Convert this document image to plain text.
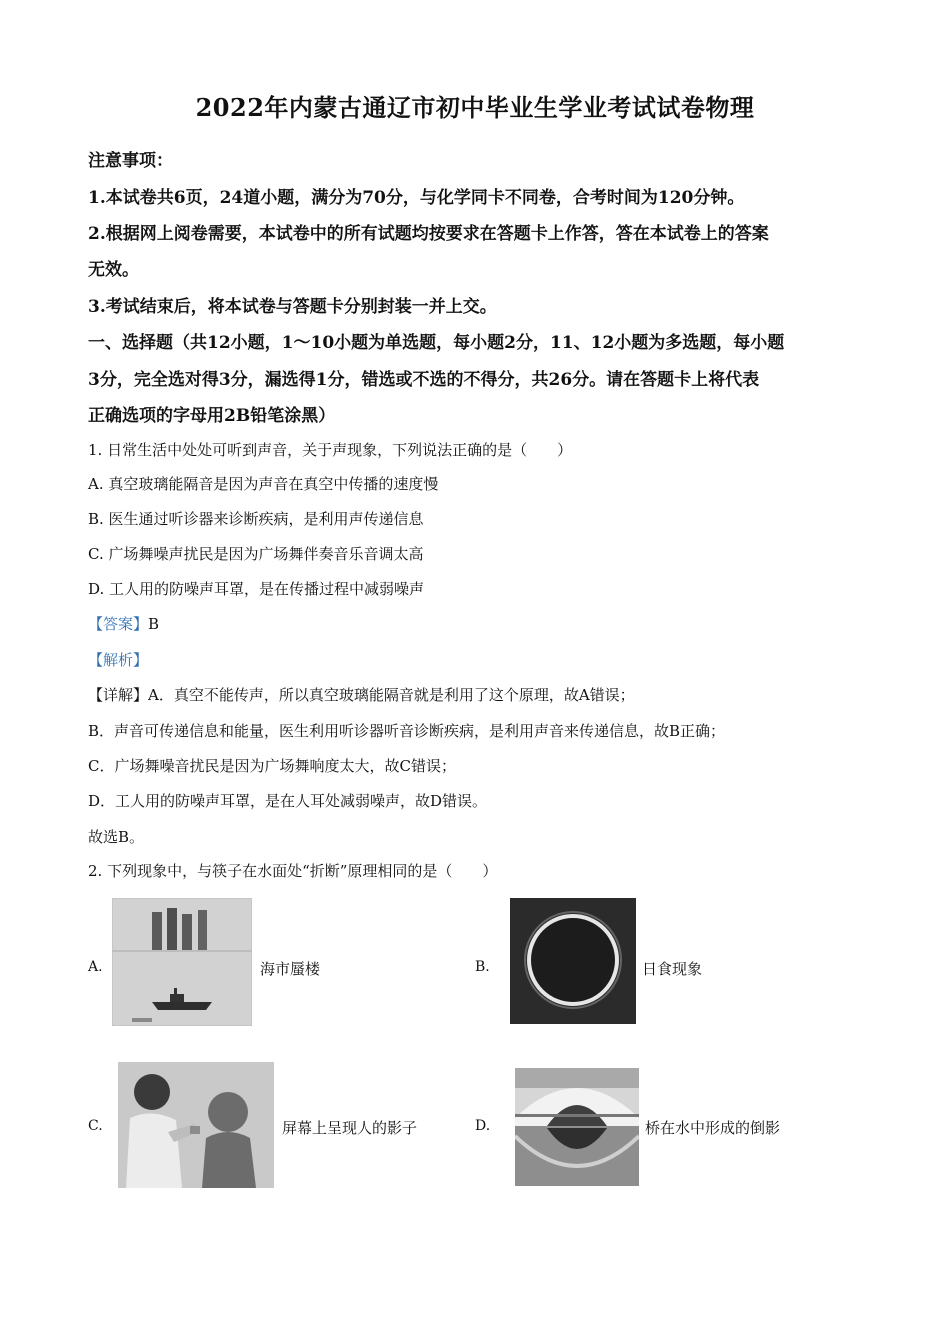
2022年内蒙古通辽市初中毕业生学业考试试卷物理
注意事项：
1.本试卷共6页，24道小题，满分为70分，与化学同卡不同卷，合考时间为120分钟。
2.根据网上阅卷需要，本试卷中的所有试题均按要求在答题卡上作答，答在本试卷上的答案
无效。
3.考试结束后，将本试卷与答题卡分别封装一并上交。
一、选择题（共12小题，1～10小题为单选题，每小题2分，11、12小题为多选题，每小题
3分，完全选对得3分，漏选得1分，错选或不选的不得分，共26分。请在答题卡上将代表
正确选项的字母用2B铅笔涂黑）
1. 日常生活中处处可听到声音，关于声现象，下列说法正确的是（　　）
A. 真空玻璃能隔音是因为声音在真空中传播的速度慢
B. 医生通过听诊器来诊断疾病，是利用声传递信息
C. 广场舞噪声扰民是因为广场舞伴奏音乐音调太高
D. 工人用的防噪声耳罩，是在传播过程中减弱噪声
【答案】B
【解析】
【详解】A．真空不能传声，所以真空玻璃能隔音就是利用了这个原理，故A错误；
B．声音可传递信息和能量，医生利用听诊器听音诊断疾病，是利用声音来传递信息，故B正确；
C．广场舞噪音扰民是因为广场舞响度太大，故C错误；
D．工人用的防噪声耳罩，是在人耳处减弱噪声，故D错误。
故选B。
2. 下列现象中，与筷子在水面处“折断”原理相同的是（　　）
A.	海市蜃楼	B.	日食现象
C.	屏幕上呈现人的影子	D.	桥在水中形成的倒影
